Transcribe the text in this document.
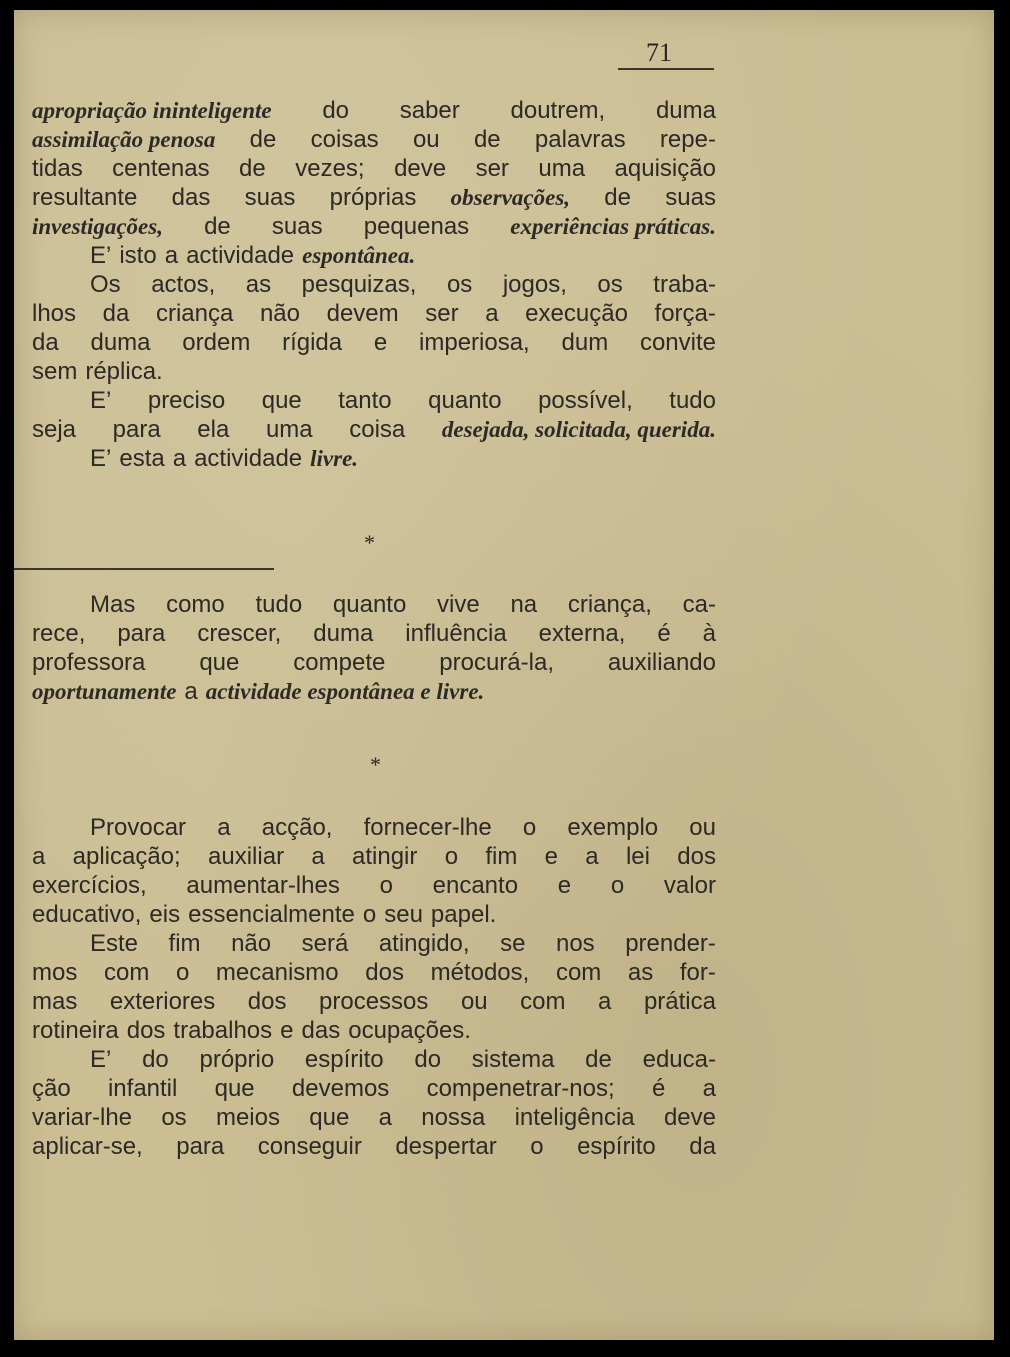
71
apropriação ininteligente do saber doutrem, duma
assimilação penosa de coisas ou de palavras repe-
tidas centenas de vezes; deve ser uma aquisição
resultante das suas próprias observações, de suas
investigações, de suas pequenas experiências práticas.
E’ isto a actividade espontânea.
Os actos, as pesquizas, os jogos, os traba-
lhos da criança não devem ser a execução força-
da duma ordem rígida e imperiosa, dum convite
sem réplica.
E’ preciso que tanto quanto possível, tudo
seja para ela uma coisa desejada, solicitada, querida.
E’ esta a actividade livre.
*
Mas como tudo quanto vive na criança, ca-
rece, para crescer, duma influência externa, é à
professora que compete procurá-la, auxiliando
oportunamente a actividade espontânea e livre.
*
Provocar a acção, fornecer-lhe o exemplo ou
a aplicação; auxiliar a atingir o fim e a lei dos
exercícios, aumentar-lhes o encanto e o valor
educativo, eis essencialmente o seu papel.
Este fim não será atingido, se nos prender-
mos com o mecanismo dos métodos, com as for-
mas exteriores dos processos ou com a prática
rotineira dos trabalhos e das ocupações.
E’ do próprio espírito do sistema de educa-
ção infantil que devemos compenetrar-nos; é a
variar-lhe os meios que a nossa inteligência deve
aplicar-se, para conseguir despertar o espírito da
